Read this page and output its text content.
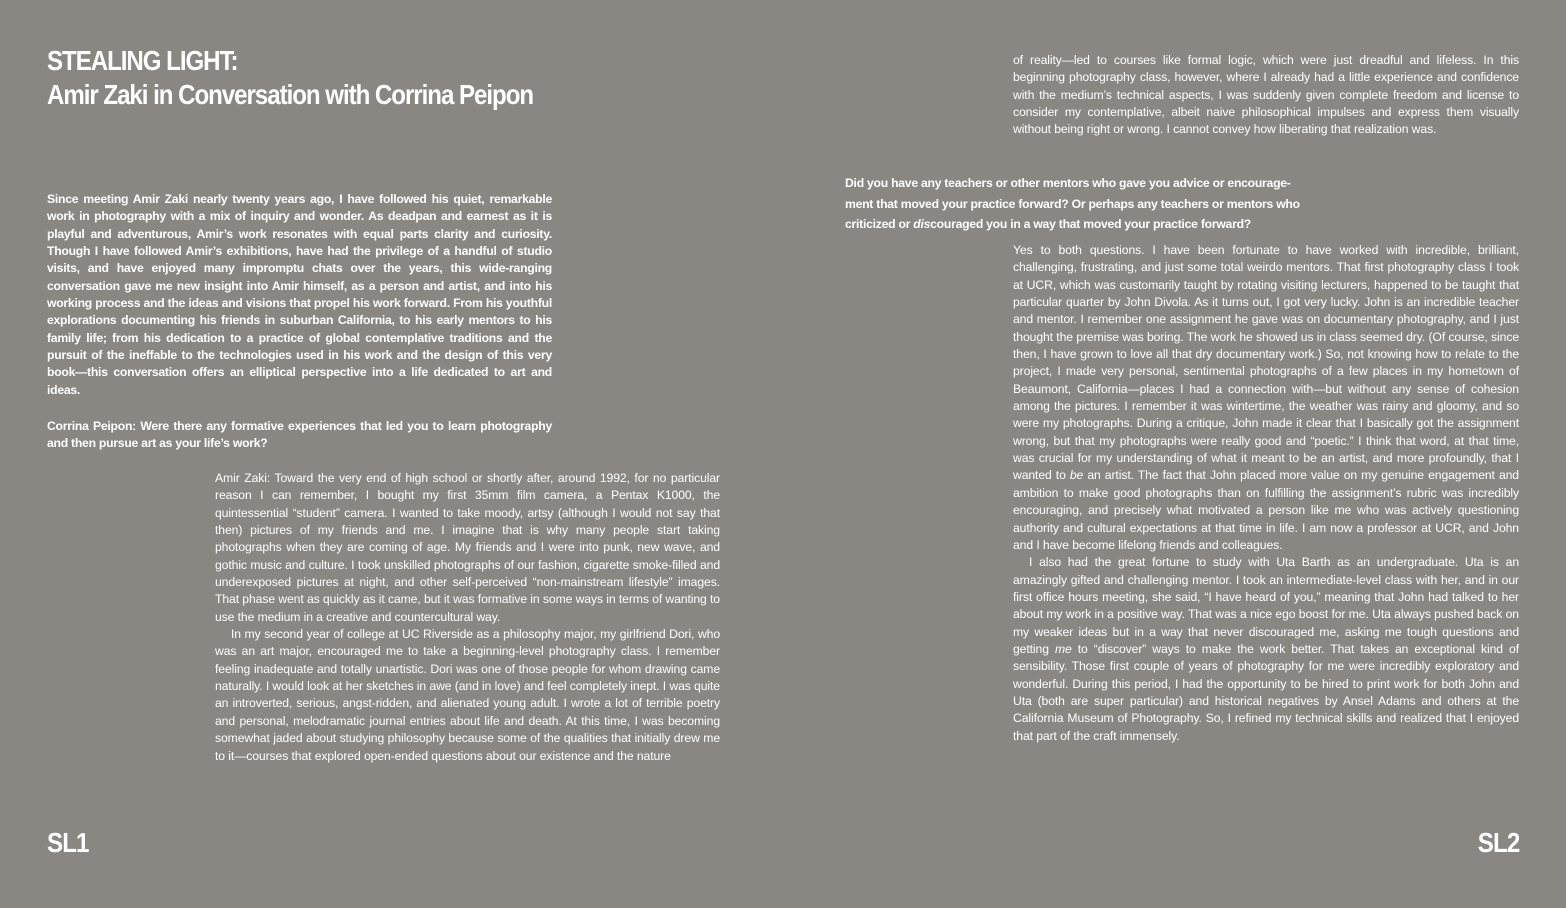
STEALING LIGHT:
Amir Zaki in Conversation with Corrina Peipon
Since meeting Amir Zaki nearly twenty years ago, I have followed his quiet, remarkable work in photography with a mix of inquiry and wonder. As deadpan and earnest as it is playful and adventurous, Amir’s work resonates with equal parts clarity and curiosity. Though I have followed Amir’s exhibitions, have had the privilege of a handful of studio visits, and have enjoyed many impromptu chats over the years, this wide-ranging conversation gave me new insight into Amir himself, as a person and artist, and into his working process and the ideas and visions that propel his work forward. From his youthful explorations documenting his friends in suburban California, to his early mentors to his family life; from his dedication to a practice of global contemplative traditions and the pursuit of the ineffable to the technologies used in his work and the design of this very book—this conversation offers an elliptical perspective into a life dedicated to art and ideas.
Corrina Peipon: Were there any formative experiences that led you to learn photography and then pursue art as your life’s work?

Amir Zaki: Toward the very end of high school or shortly after, around 1992, for no particular reason I can remember, I bought my first 35mm film camera, a Pentax K1000, the quintessential “student” camera. I wanted to take moody, artsy (although I would not say that then) pictures of my friends and me. I imagine that is why many people start taking photographs when they are coming of age. My friends and I were into punk, new wave, and gothic music and culture. I took unskilled photographs of our fashion, cigarette smoke-filled and underexposed pictures at night, and other self-perceived “non-mainstream lifestyle” images. That phase went as quickly as it came, but it was formative in some ways in terms of wanting to use the medium in a creative and countercultural way.

In my second year of college at UC Riverside as a philosophy major, my girlfriend Dori, who was an art major, encouraged me to take a beginning-level photography class. I remember feeling inadequate and totally unartistic. Dori was one of those people for whom drawing came naturally. I would look at her sketches in awe (and in love) and feel completely inept. I was quite an introverted, serious, angst-ridden, and alienated young adult. I wrote a lot of terrible poetry and personal, melodramatic journal entries about life and death. At this time, I was becoming somewhat jaded about studying philosophy because some of the qualities that initially drew me to it—courses that explored open-ended questions about our existence and the nature

of reality—led to courses like formal logic, which were just dreadful and lifeless. In this beginning photography class, however, where I already had a little experience and confidence with the medium’s technical aspects, I was suddenly given complete freedom and license to consider my contemplative, albeit naive philosophical impulses and express them visually without being right or wrong. I cannot convey how liberating that realization was.
Did you have any teachers or other mentors who gave you advice or encourage-
ment that moved your practice forward? Or perhaps any teachers or mentors who
criticized or discouraged you in a way that moved your practice forward?

Yes to both questions. I have been fortunate to have worked with incredible, brilliant, challenging, frustrating, and just some total weirdo mentors. That first photography class I took at UCR, which was customarily taught by rotating visiting lecturers, happened to be taught that particular quarter by John Divola. As it turns out, I got very lucky. John is an incredible teacher and mentor. I remember one assignment he gave was on documentary photography, and I just thought the premise was boring. The work he showed us in class seemed dry. (Of course, since then, I have grown to love all that dry documentary work.) So, not knowing how to relate to the project, I made very personal, sentimental photographs of a few places in my hometown of Beaumont, California—places I had a connection with—but without any sense of cohesion among the pictures. I remember it was wintertime, the weather was rainy and gloomy, and so were my photographs. During a critique, John made it clear that I basically got the assignment wrong, but that my photographs were really good and “poetic.” I think that word, at that time, was crucial for my understanding of what it meant to be an artist, and more profoundly, that I wanted to be an artist. The fact that John placed more value on my genuine engagement and ambition to make good photographs than on fulfilling the assignment’s rubric was incredibly encouraging, and precisely what motivated a person like me who was actively questioning authority and cultural expectations at that time in life. I am now a professor at UCR, and John and I have become lifelong friends and colleagues.

I also had the great fortune to study with Uta Barth as an undergraduate. Uta is an amazingly gifted and challenging mentor. I took an intermediate-level class with her, and in our first office hours meeting, she said, “I have heard of you,” meaning that John had talked to her about my work in a positive way. That was a nice ego boost for me. Uta always pushed back on my weaker ideas but in a way that never discouraged me, asking me tough questions and getting me to “discover” ways to make the work better. That takes an exceptional kind of sensibility. Those first couple of years of photography for me were incredibly exploratory and wonderful. During this period, I had the opportunity to be hired to print work for both John and Uta (both are super particular) and historical negatives by Ansel Adams and others at the California Museum of Photography. So, I refined my technical skills and realized that I enjoyed that part of the craft immensely.

SL1	SL2
